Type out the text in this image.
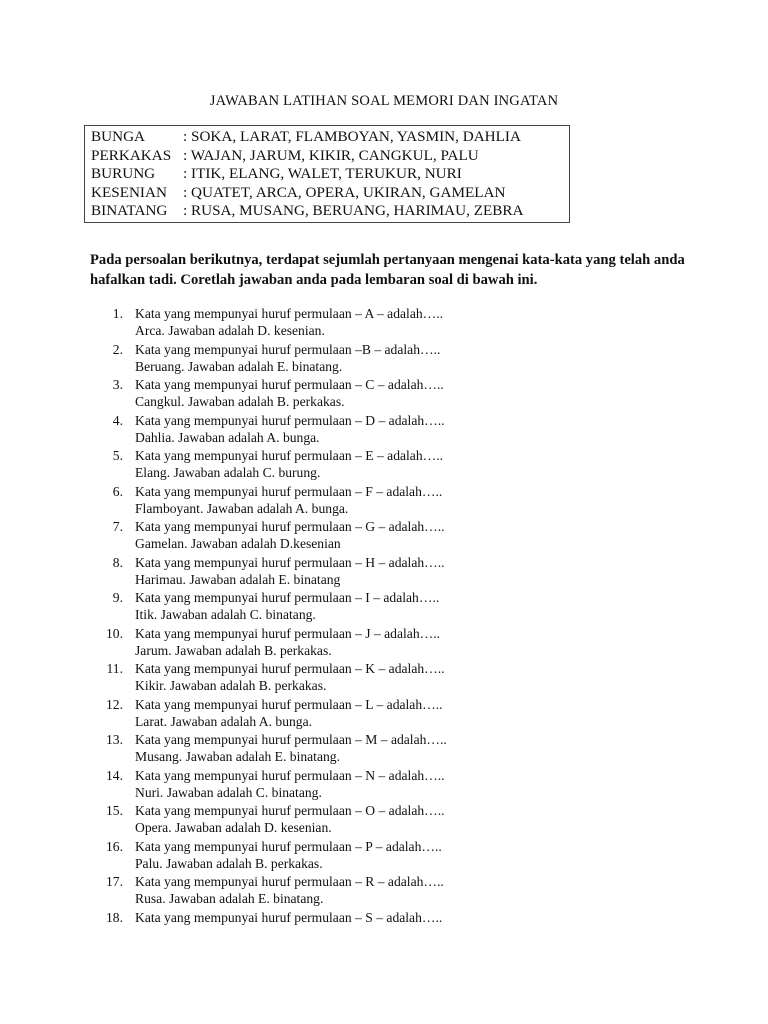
JAWABAN LATIHAN SOAL MEMORI DAN INGATAN
BUNGA	: SOKA, LARAT, FLAMBOYAN, YASMIN, DAHLIA
PERKAKAS	: WAJAN, JARUM, KIKIR, CANGKUL, PALU
BURUNG	: ITIK, ELANG, WALET, TERUKUR, NURI
KESENIAN	: QUATET, ARCA, OPERA, UKIRAN, GAMELAN
BINATANG	: RUSA, MUSANG, BERUANG, HARIMAU, ZEBRA
Pada persoalan berikutnya, terdapat sejumlah pertanyaan mengenai kata-kata yang telah anda hafalkan tadi. Coretlah jawaban anda pada lembaran soal di bawah ini.
1. Kata yang mempunyai huruf permulaan – A – adalah…..
Arca. Jawaban adalah D. kesenian.
2. Kata yang mempunyai huruf permulaan –B – adalah…..
Beruang. Jawaban adalah E. binatang.
3. Kata yang mempunyai huruf permulaan – C – adalah…..
Cangkul. Jawaban adalah B. perkakas.
4. Kata yang mempunyai huruf permulaan – D – adalah…..
Dahlia. Jawaban adalah A. bunga.
5. Kata yang mempunyai huruf permulaan – E – adalah…..
Elang. Jawaban adalah C. burung.
6. Kata yang mempunyai huruf permulaan – F – adalah…..
Flamboyant. Jawaban adalah A. bunga.
7. Kata yang mempunyai huruf permulaan – G – adalah…..
Gamelan. Jawaban adalah D.kesenian
8. Kata yang mempunyai huruf permulaan – H – adalah…..
Harimau. Jawaban adalah E. binatang
9. Kata yang mempunyai huruf permulaan – I – adalah…..
Itik. Jawaban adalah C. binatang.
10. Kata yang mempunyai huruf permulaan – J – adalah…..
Jarum. Jawaban adalah B. perkakas.
11. Kata yang mempunyai huruf permulaan – K – adalah…..
Kikir. Jawaban adalah B. perkakas.
12. Kata yang mempunyai huruf permulaan – L – adalah…..
Larat. Jawaban adalah A. bunga.
13. Kata yang mempunyai huruf permulaan – M – adalah…..
Musang. Jawaban adalah E. binatang.
14. Kata yang mempunyai huruf permulaan – N – adalah…..
Nuri. Jawaban adalah C. binatang.
15. Kata yang mempunyai huruf permulaan – O – adalah…..
Opera. Jawaban adalah D. kesenian.
16. Kata yang mempunyai huruf permulaan – P – adalah…..
Palu. Jawaban adalah B. perkakas.
17. Kata yang mempunyai huruf permulaan – R – adalah…..
Rusa. Jawaban adalah E. binatang.
18. Kata yang mempunyai huruf permulaan – S – adalah…..
